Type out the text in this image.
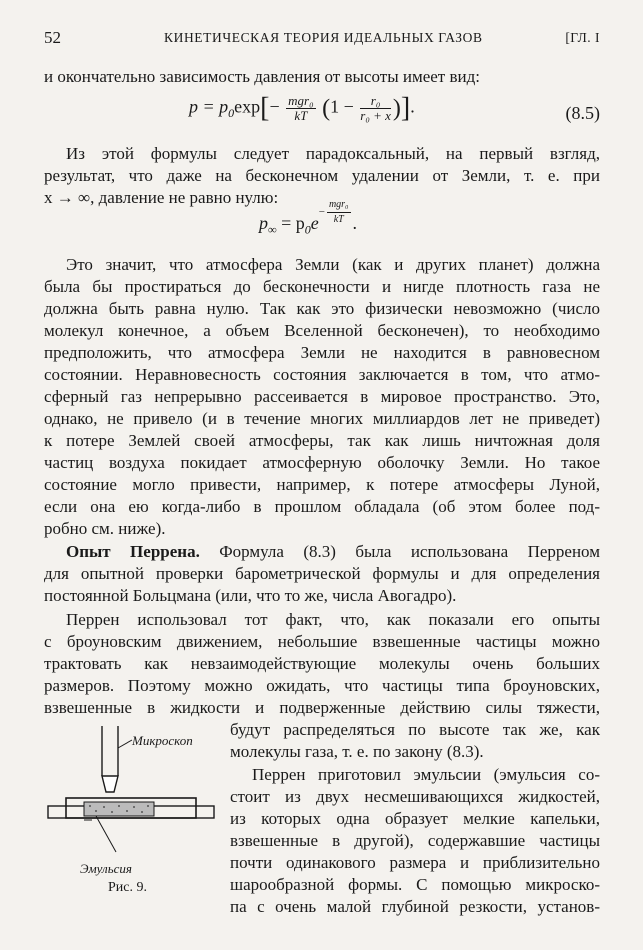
52	КИНЕТИЧЕСКАЯ ТЕОРИЯ ИДЕАЛЬНЫХ ГАЗОВ	[ГЛ. I
и окончательно зависимость давления от высоты имеет вид:
$p = p_0\exp[- \frac{\text{mgr₀}}{kT} (1 - \frac{\text{r₀}}{\text{r₀ + x}}$ )].	(8.5)
Из этой формулы следует парадоксальный, на первый взгляд,
результат, что даже на бесконечном удалении от Земли, т. е. при
x → ∞, давление не равно нулю:
$p_\infty = p_0e^{- \frac{\text{mgr₀}}{kT}}$ .
Это значит, что атмосфера Земли (как и других планет) должна
была бы простираться до бесконечности и нигде плотность газа не
должна быть равна нулю. Так как это физически невозможно (число
молекул конечное, а объем Вселенной бесконечен), то необходимо
предположить, что атмосфера Земли не находится в равновесном
состоянии. Неравновесность состояния заключается в том, что атмо-
сферный газ непрерывно рассеивается в мировое пространство. Это,
однако, не привело (и в течение многих миллиардов лет не приведет)
к потере Землей своей атмосферы, так как лишь ничтожная доля
частиц воздуха покидает атмосферную оболочку Земли. Но такое
состояние могло привести, например, к потере атмосферы Луной,
если она ею когда-либо в прошлом обладала (об этом более под-
робно см. ниже).
Опыт Перрена. Формула (8.3) была использована Перреном
для опытной проверки барометрической формулы и для определения
постоянной Больцмана (или, что то же, числа Авогадро).
Перрен использовал тот факт, что, как показали его опыты
с броуновским движением, небольшие взвешенные частицы можно
трактовать как невзаимодействующие молекулы очень больших
размеров. Поэтому можно ожидать, что частицы типа броуновских,
взвешенные в жидкости и подверженные действию силы тяжести,
Микроскоп
Эмульсия
Рис. 9.
будут распределяться по высоте так же, как
молекулы газа, т. е. по закону (8.3).
Перрен приготовил эмульсии (эмульсия со-
стоит из двух несмешивающихся жидкостей,
из которых одна образует мелкие капельки,
взвешенные в другой), содержавшие частицы
почти одинакового размера и приблизительно
шарообразной формы. С помощью микроско-
па с очень малой глубиной резкости, установ-
